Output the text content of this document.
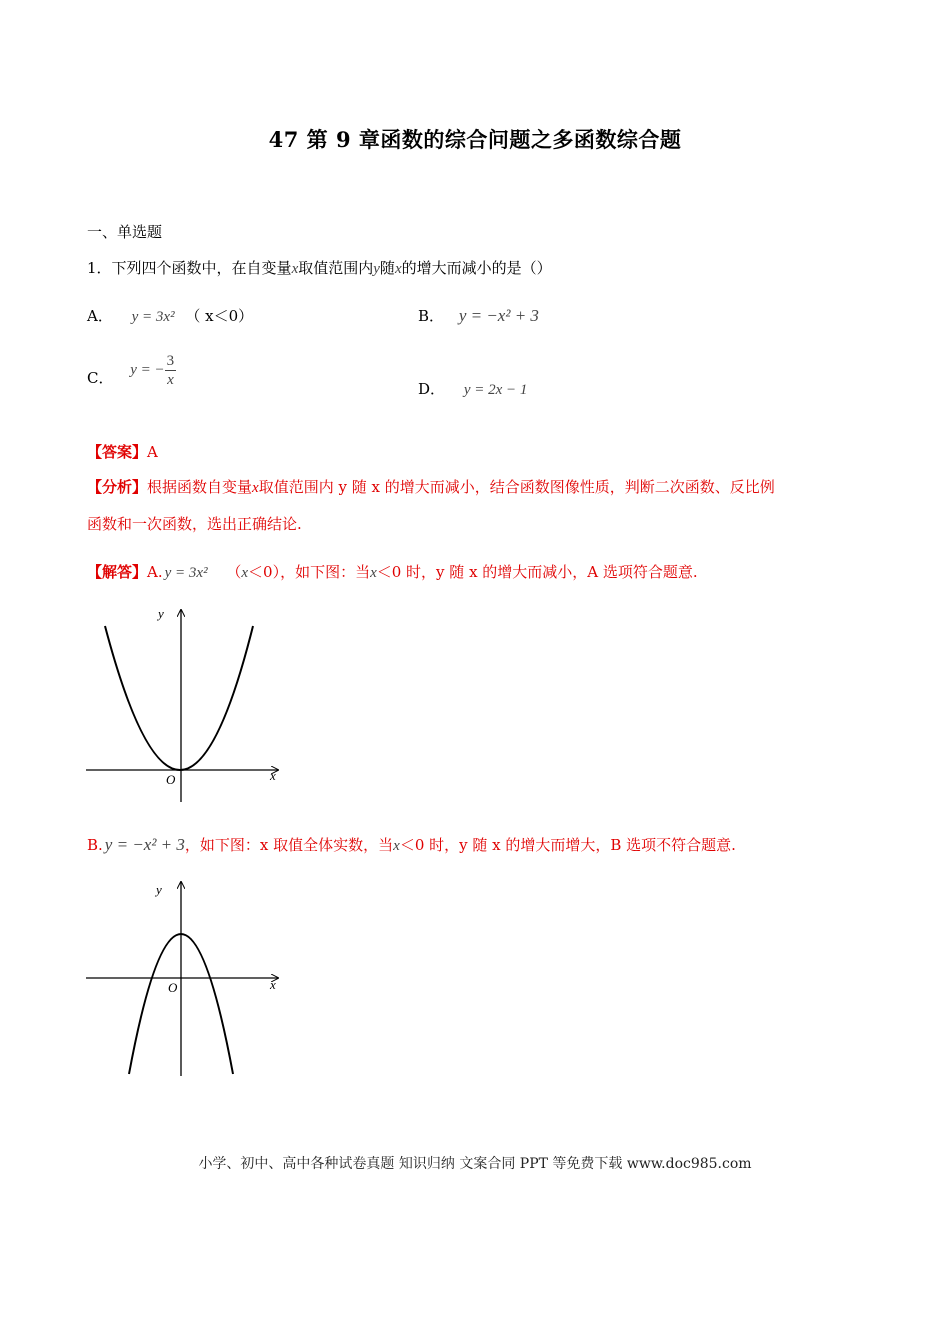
47 第 9 章函数的综合问题之多函数综合题
一、单选题
1．下列四个函数中，在自变量x取值范围内y随x的增大而减小的是（）
A． y = 3x² （ x＜0）	B． y = −x² + 3
C． y = − $\frac{3}{x}$	D． y = 2x − 1
【答案】A
【分析】根据函数自变量x取值范围内 y 随 x 的增大而减小，结合函数图像性质，判断二次函数、反比例
函数和一次函数，选出正确结论.
【解答】A. y = 3x² （x＜0），如下图：当x＜0 时，y 随 x 的增大而减小，A 选项符合题意.
y
x
O
B. y = −x² + 3，如下图：x 取值全体实数，当x＜0 时，y 随 x 的增大而增大，B 选项不符合题意.
y
x
O
小学、初中、高中各种试卷真题 知识归纳 文案合同 PPT 等免费下载 www.doc985.com
